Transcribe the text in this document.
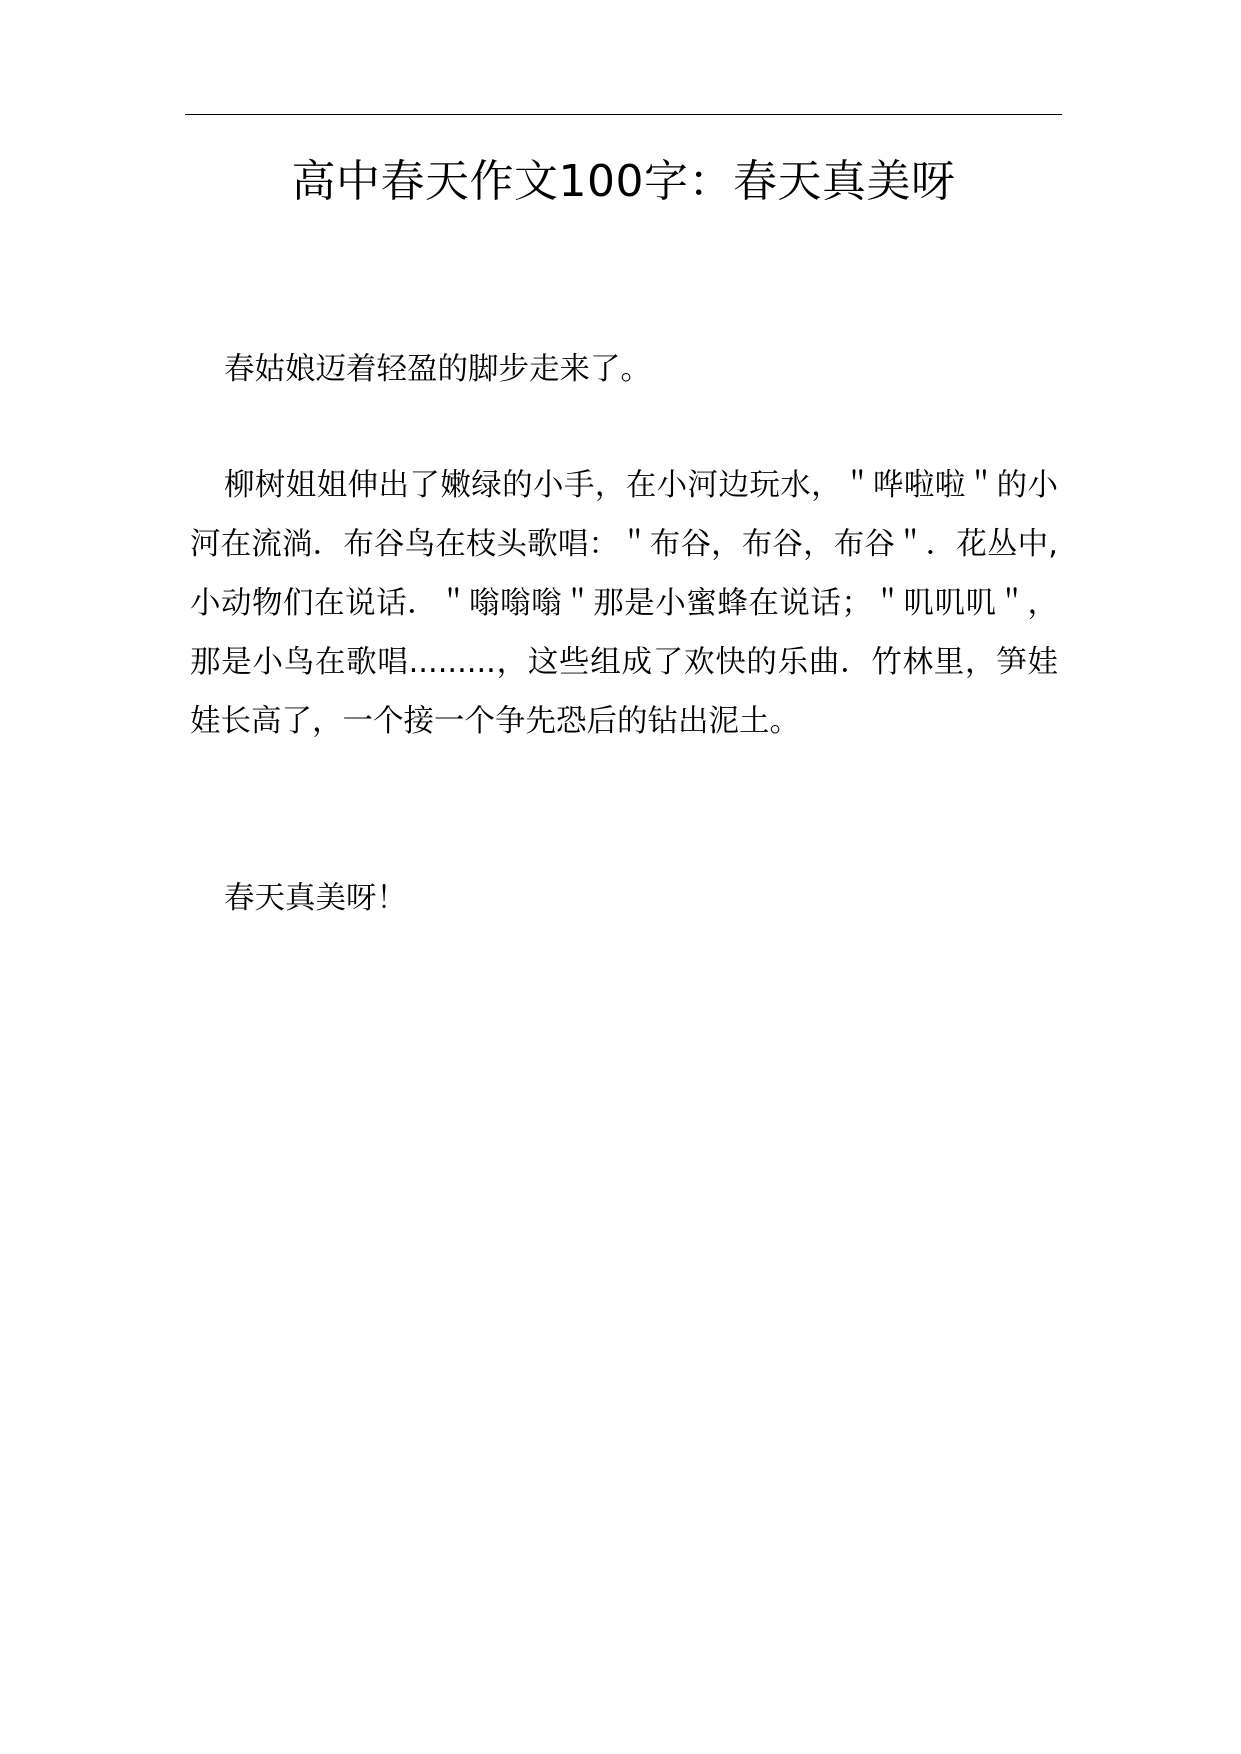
高中春天作文100字：春天真美呀

春姑娘迈着轻盈的脚步走来了。

柳树姐姐伸出了嫩绿的小手，在小河边玩水，＂哗啦啦＂的小河在流淌．布谷鸟在枝头歌唱：＂布谷，布谷，布谷＂．花丛中,小动物们在说话．＂嗡嗡嗡＂那是小蜜蜂在说话；＂叽叽叽＂，那是小鸟在歌唱.........，这些组成了欢快的乐曲．竹林里，笋娃娃长高了，一个接一个争先恐后的钻出泥土。

春天真美呀！
